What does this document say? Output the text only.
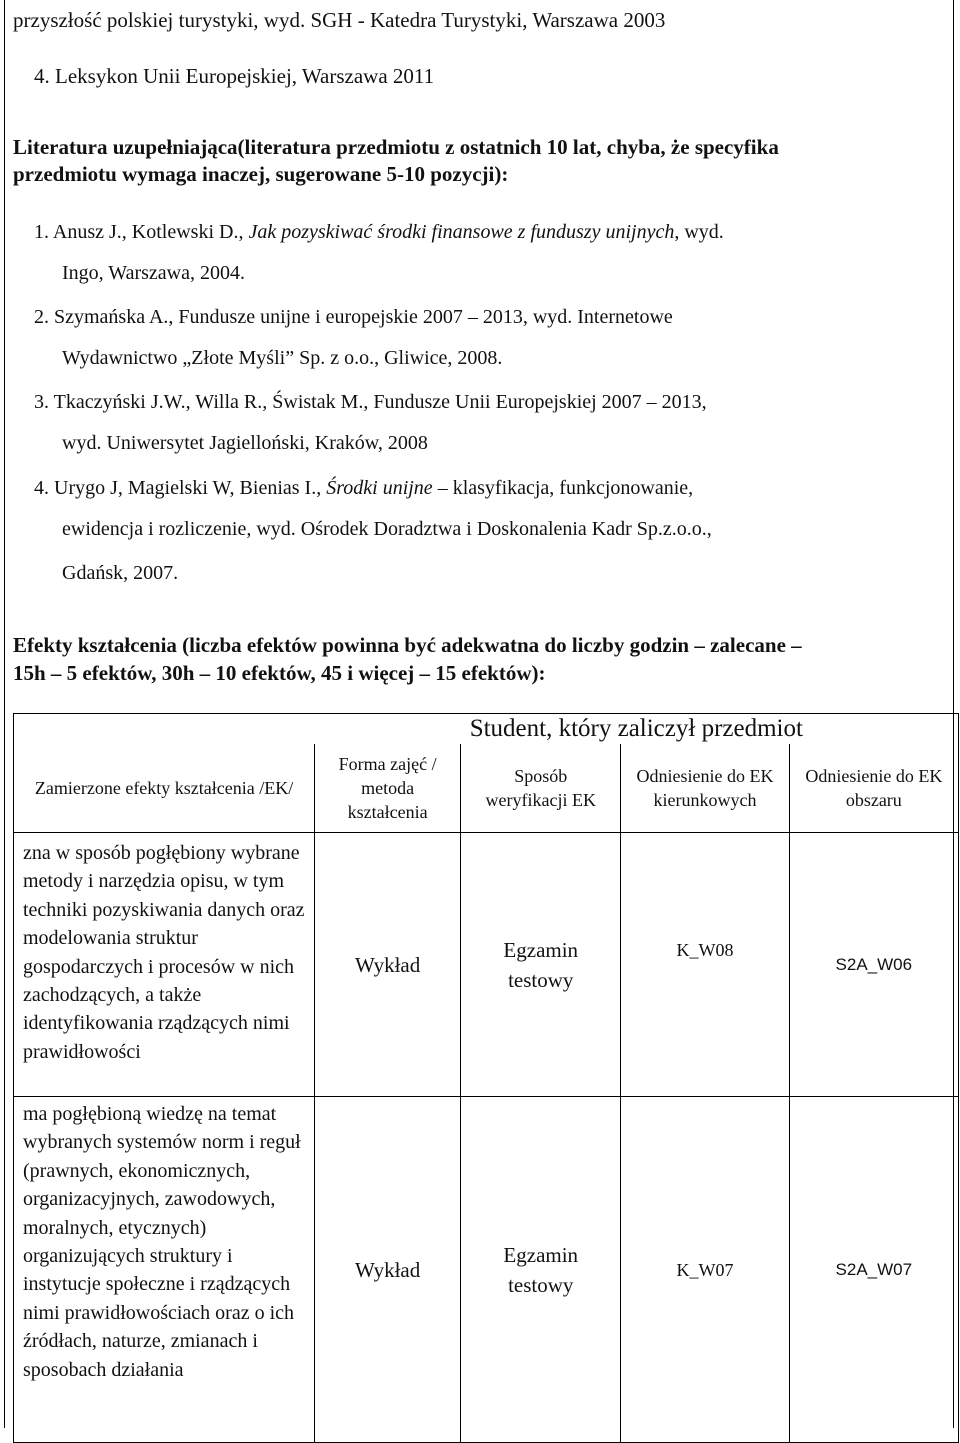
przyszłość polskiej turystyki, wyd. SGH - Katedra Turystyki, Warszawa 2003
4. Leksykon Unii Europejskiej, Warszawa 2011
Literatura uzupełniająca(literatura przedmiotu z ostatnich 10 lat, chyba, że specyfika
przedmiotu wymaga inaczej, sugerowane 5-10 pozycji):
1. Anusz J., Kotlewski D., Jak pozyskiwać środki finansowe z funduszy unijnych, wyd.
Ingo, Warszawa, 2004.
2. Szymańska A., Fundusze unijne i europejskie 2007 – 2013, wyd. Internetowe
Wydawnictwo „Złote Myśli” Sp. z o.o., Gliwice, 2008.
3. Tkaczyński J.W., Willa R., Świstak M., Fundusze Unii Europejskiej 2007 – 2013,
wyd. Uniwersytet Jagielloński, Kraków, 2008
4. Urygo J, Magielski W, Bienias I., Środki unijne – klasyfikacja, funkcjonowanie,
ewidencja i rozliczenie, wyd. Ośrodek Doradztwa i Doskonalenia Kadr Sp.z.o.o.,
Gdańsk, 2007.
Efekty kształcenia (liczba efektów powinna być adekwatna do liczby godzin – zalecane –
15h – 5 efektów, 30h – 10 efektów, 45 i więcej – 15 efektów):
	Student, który zaliczył przedmiot			
Zamierzone efekty kształcenia /EK/	Forma zajęć / metoda kształcenia	Sposób weryfikacji EK	Odniesienie do EK kierunkowych	Odniesienie do EK obszaru
zna w sposób pogłębiony wybrane metody i narzędzia opisu, w tym techniki pozyskiwania danych oraz modelowania struktur gospodarczych i procesów w nich zachodzących, a także identyfikowania rządzących nimi prawidłowości	Wykład	Egzamin testowy	K_W08	S2A_W06
ma pogłębioną wiedzę na temat wybranych systemów norm i reguł (prawnych, ekonomicznych, organizacyjnych, zawodowych, moralnych, etycznych) organizujących struktury i instytucje społeczne i rządzących nimi prawidłowościach oraz o ich źródłach, naturze, zmianach i sposobach działania	Wykład	Egzamin testowy	K_W07	S2A_W07
